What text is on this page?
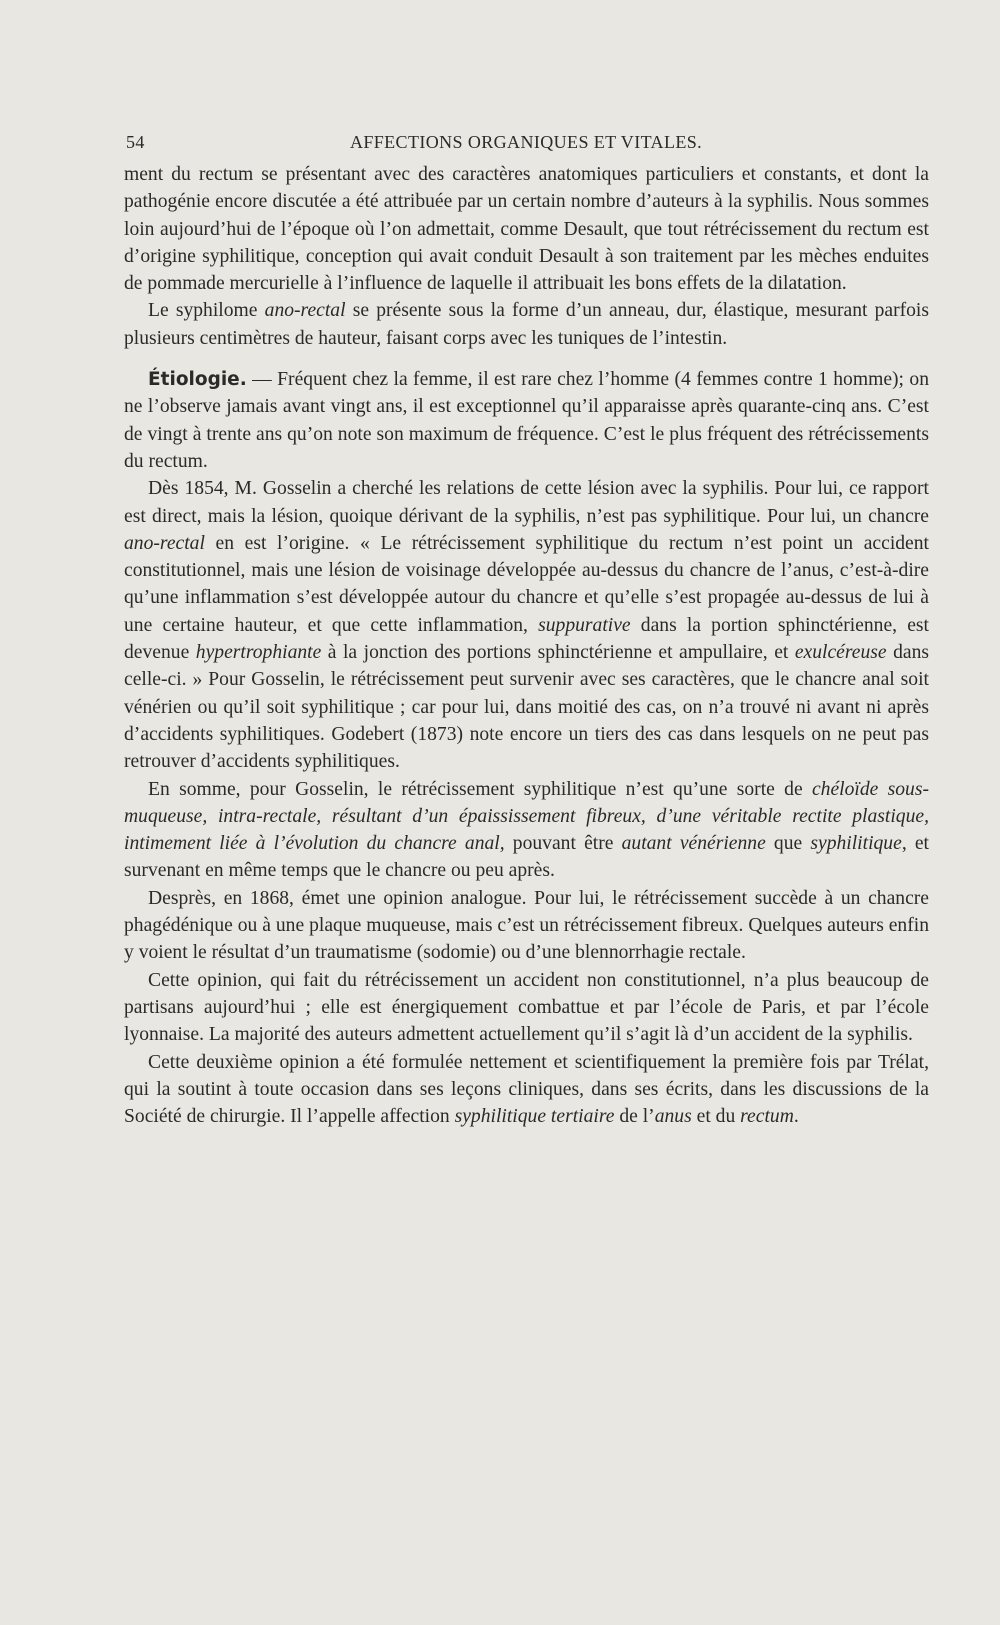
54	AFFECTIONS ORGANIQUES ET VITALES.

ment du rectum se présentant avec des caractères anatomiques particuliers et constants, et dont la pathogénie encore discutée a été attribuée par un certain nombre d’auteurs à la syphilis. Nous sommes loin aujourd’hui de l’époque où l’on admettait, comme Desault, que tout rétrécissement du rectum est d’origine syphilitique, conception qui avait conduit Desault à son traitement par les mèches enduites de pommade mercurielle à l’influence de laquelle il attribuait les bons effets de la dilatation.

Le syphilome ano-rectal se présente sous la forme d’un anneau, dur, élastique, mesurant parfois plusieurs centimètres de hauteur, faisant corps avec les tuniques de l’intestin.

Étiologie. — Fréquent chez la femme, il est rare chez l’homme (4 femmes contre 1 homme); on ne l’observe jamais avant vingt ans, il est exceptionnel qu’il apparaisse après quarante-cinq ans. C’est de vingt à trente ans qu’on note son maximum de fréquence. C’est le plus fréquent des rétrécissements du rectum.

Dès 1854, M. Gosselin a cherché les relations de cette lésion avec la syphilis. Pour lui, ce rapport est direct, mais la lésion, quoique dérivant de la syphilis, n’est pas syphilitique. Pour lui, un chancre ano-rectal en est l’origine. « Le rétrécissement syphilitique du rectum n’est point un accident constitutionnel, mais une lésion de voisinage développée au-dessus du chancre de l’anus, c’est-à-dire qu’une inflammation s’est développée autour du chancre et qu’elle s’est propagée au-dessus de lui à une certaine hauteur, et que cette inflammation, suppurative dans la portion sphinctérienne, est devenue hypertrophiante à la jonction des portions sphinctérienne et ampullaire, et exulcéreuse dans celle-ci. » Pour Gosselin, le rétrécissement peut survenir avec ses caractères, que le chancre anal soit vénérien ou qu’il soit syphilitique ; car pour lui, dans moitié des cas, on n’a trouvé ni avant ni après d’accidents syphilitiques. Godebert (1873) note encore un tiers des cas dans lesquels on ne peut pas retrouver d’accidents syphilitiques.

En somme, pour Gosselin, le rétrécissement syphilitique n’est qu’une sorte de chéloïde sous-muqueuse, intra-rectale, résultant d’un épaississement fibreux, d’une véritable rectite plastique, intimement liée à l’évolution du chancre anal, pouvant être autant vénérienne que syphilitique, et survenant en même temps que le chancre ou peu après.

Desprès, en 1868, émet une opinion analogue. Pour lui, le rétrécissement succède à un chancre phagédénique ou à une plaque muqueuse, mais c’est un rétrécissement fibreux. Quelques auteurs enfin y voient le résultat d’un traumatisme (sodomie) ou d’une blennorrhagie rectale.

Cette opinion, qui fait du rétrécissement un accident non constitutionnel, n’a plus beaucoup de partisans aujourd’hui ; elle est énergiquement combattue et par l’école de Paris, et par l’école lyonnaise. La majorité des auteurs admettent actuellement qu’il s’agit là d’un accident de la syphilis.

Cette deuxième opinion a été formulée nettement et scientifiquement la première fois par Trélat, qui la soutint à toute occasion dans ses leçons cliniques, dans ses écrits, dans les discussions de la Société de chirurgie. Il l’appelle affection syphilitique tertiaire de l’anus et du rectum.
